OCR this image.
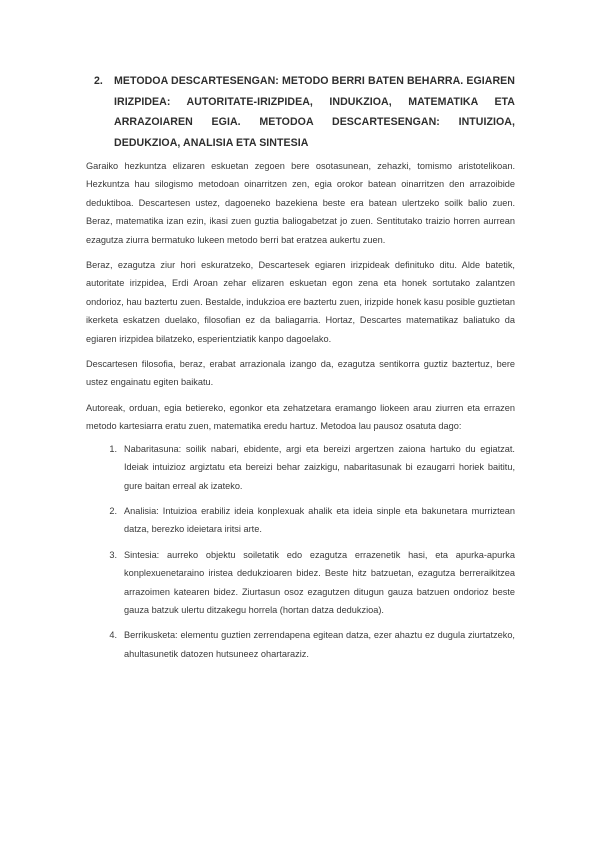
2.	METODOA DESCARTESENGAN: METODO BERRI BATEN BEHARRA. EGIAREN IRIZPIDEA: AUTORITATE-IRIZPIDEA, INDUKZIOA, MATEMATIKA ETA ARRAZOIAREN EGIA. METODOA DESCARTESENGAN: INTUIZIOA, DEDUKZIOA, ANALISIA ETA SINTESIA

Garaiko hezkuntza elizaren eskuetan zegoen bere osotasunean, zehazki, tomismo aristotelikoan. Hezkuntza hau silogismo metodoan oinarritzen zen, egia orokor batean oinarritzen den arrazoibide deduktiboa. Descartesen ustez, dagoeneko bazekiena beste era batean ulertzeko soilk balio zuen. Beraz, matematika izan ezin, ikasi zuen guztia baliogabetzat jo zuen. Sentitutako traizio horren aurrean ezagutza ziurra bermatuko lukeen metodo berri bat eratzea aukertu zuen.

Beraz, ezagutza ziur hori eskuratzeko, Descartesek egiaren irizpideak definituko ditu. Alde batetik, autoritate irizpidea, Erdi Aroan zehar elizaren eskuetan egon zena eta honek sortutako zalantzen ondorioz, hau baztertu zuen. Bestalde, indukzioa ere baztertu zuen, irizpide honek kasu posible guztietan ikerketa eskatzen duelako, filosofian ez da baliagarria. Hortaz, Descartes matematikaz baliatuko da egiaren irizpidea bilatzeko, esperientziatik kanpo dagoelako.

Descartesen filosofia, beraz, erabat arrazionala izango da, ezagutza sentikorra guztiz baztertuz, bere ustez engainatu egiten baikatu.

Autoreak, orduan, egia betiereko, egonkor eta zehatzetara eramango liokeen arau ziurren eta errazen metodo kartesiarra eratu zuen, matematika eredu hartuz. Metodoa lau pausoz osatuta dago:

1. Nabaritasuna: soilik nabari, ebidente, argi eta bereizi argertzen zaiona hartuko du egiatzat. Ideiak intuizioz argiztatu eta bereizi behar zaizkigu, nabaritasunak bi ezaugarri horiek baititu, gure baitan erreal ak izateko.
2. Analisia: Intuizioa erabiliz ideia konplexuak ahalik eta ideia sinple eta bakunetara murriztean datza, berezko ideietara iritsi arte.
3. Sintesia: aurreko objektu soiletatik edo ezagutza errazenetik hasi, eta apurka-apurka konplexuenetaraino iristea dedukzioaren bidez. Beste hitz batzuetan, ezagutza berreraikitzea arrazoimen katearen bidez. Ziurtasun osoz ezagutzen ditugun gauza batzuen ondorioz beste gauza batzuk ulertu ditzakegu horrela (hortan datza dedukzioa).
4. Berrikusketa: elementu guztien zerrendapena egitean datza, ezer ahaztu ez dugula ziurtatzeko, ahultasunetik datozen hutsuneez ohartaraziz.
